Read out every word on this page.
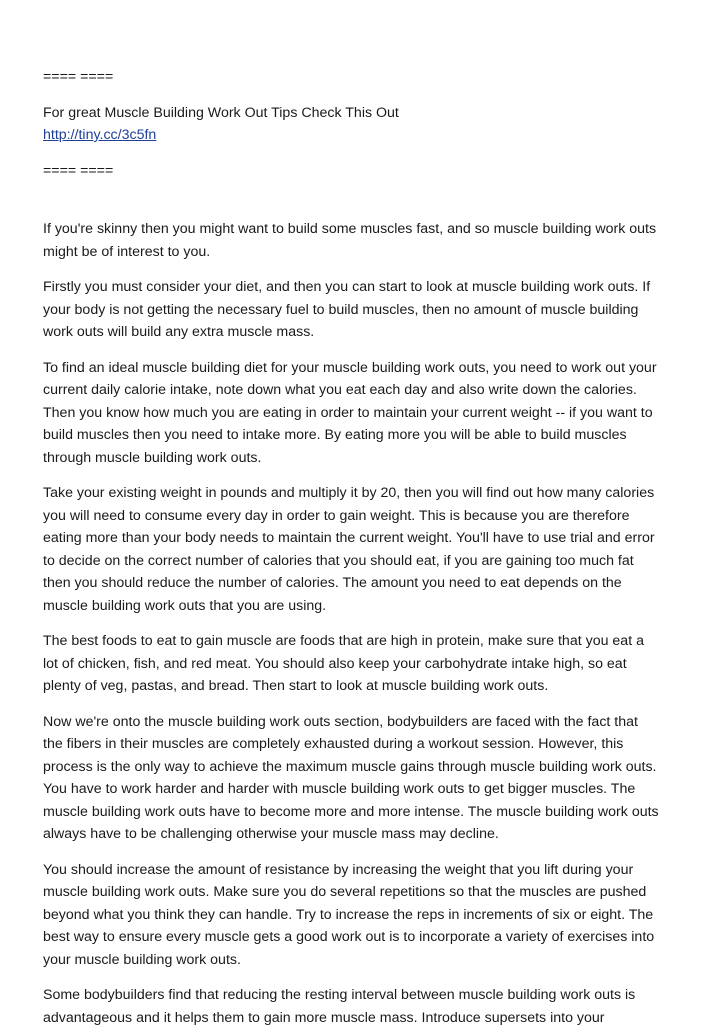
==== ====
For great Muscle Building Work Out Tips Check This Out
http://tiny.cc/3c5fn
==== ====
If you're skinny then you might want to build some muscles fast, and so muscle building work outs
might be of interest to you.
Firstly you must consider your diet, and then you can start to look at muscle building work outs. If
your body is not getting the necessary fuel to build muscles, then no amount of muscle building
work outs will build any extra muscle mass.
To find an ideal muscle building diet for your muscle building work outs, you need to work out your
current daily calorie intake, note down what you eat each day and also write down the calories.
Then you know how much you are eating in order to maintain your current weight -- if you want to
build muscles then you need to intake more. By eating more you will be able to build muscles
through muscle building work outs.
Take your existing weight in pounds and multiply it by 20, then you will find out how many calories
you will need to consume every day in order to gain weight. This is because you are therefore
eating more than your body needs to maintain the current weight. You'll have to use trial and error
to decide on the correct number of calories that you should eat, if you are gaining too much fat
then you should reduce the number of calories. The amount you need to eat depends on the
muscle building work outs that you are using.
The best foods to eat to gain muscle are foods that are high in protein, make sure that you eat a
lot of chicken, fish, and red meat. You should also keep your carbohydrate intake high, so eat
plenty of veg, pastas, and bread. Then start to look at muscle building work outs.
Now we're onto the muscle building work outs section, bodybuilders are faced with the fact that
the fibers in their muscles are completely exhausted during a workout session. However, this
process is the only way to achieve the maximum muscle gains through muscle building work outs.
You have to work harder and harder with muscle building work outs to get bigger muscles. The
muscle building work outs have to become more and more intense. The muscle building work outs
always have to be challenging otherwise your muscle mass may decline.
You should increase the amount of resistance by increasing the weight that you lift during your
muscle building work outs. Make sure you do several repetitions so that the muscles are pushed
beyond what you think they can handle. Try to increase the reps in increments of six or eight. The
best way to ensure every muscle gets a good work out is to incorporate a variety of exercises into
your muscle building work outs.
Some bodybuilders find that reducing the resting interval between muscle building work outs is
advantageous and it helps them to gain more muscle mass. Introduce supersets into your
